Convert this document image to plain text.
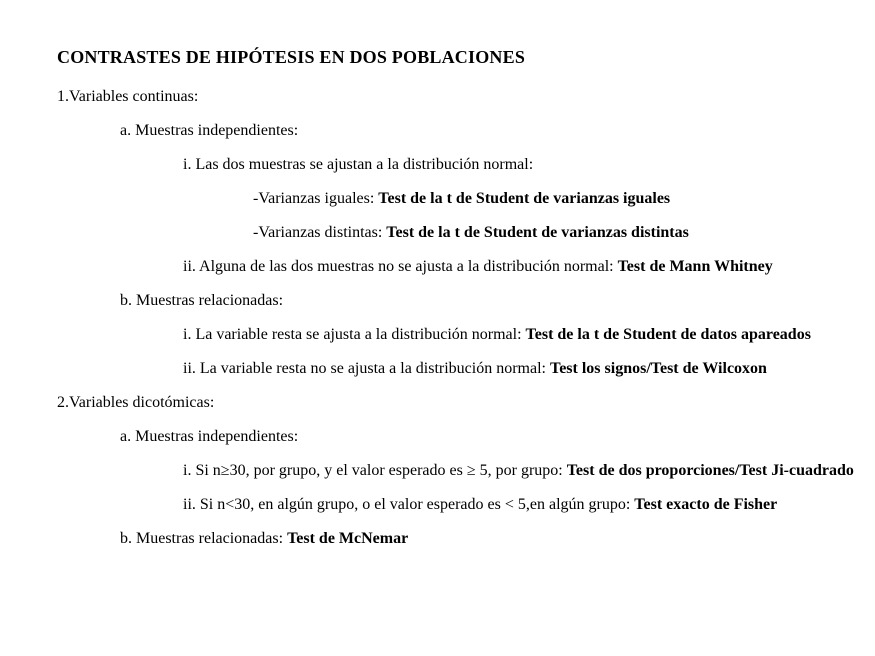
CONTRASTES DE HIPÓTESIS EN DOS POBLACIONES

1.Variables continuas:

a. Muestras independientes:

i. Las dos muestras se ajustan a la distribución normal:

-Varianzas iguales: Test de la t de Student de varianzas iguales

-Varianzas distintas: Test de la t de Student de varianzas distintas

ii. Alguna de las dos muestras no se ajusta a la distribución normal: Test de Mann Whitney

b. Muestras relacionadas:

i. La variable resta se ajusta a la distribución normal: Test de la t de Student de datos apareados

ii. La variable resta no se ajusta a la distribución normal: Test los signos/Test de Wilcoxon

2.Variables dicotómicas:

a. Muestras independientes:

i. Si n≥30, por grupo, y el valor esperado es ≥ 5, por grupo: Test de dos proporciones/Test Ji-cuadrado

ii. Si n<30, en algún grupo, o el valor esperado es < 5,en algún grupo: Test exacto de Fisher

b. Muestras relacionadas: Test de McNemar
